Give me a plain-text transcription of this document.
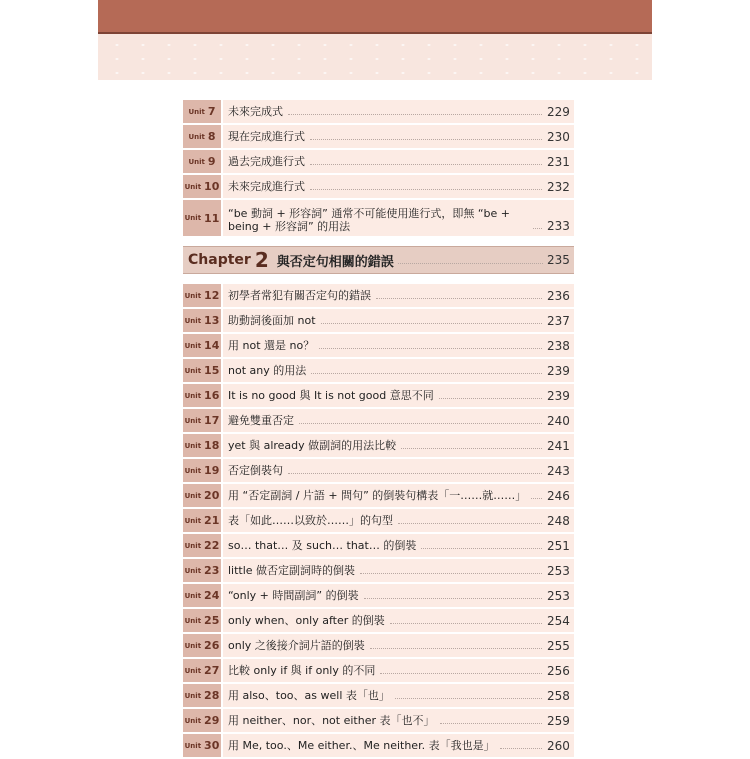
Unit 7 未來完成式	229
Unit 8 現在完成進行式	230
Unit 9 過去完成進行式	231
Unit 10 未來完成進行式	232
Unit 11 “be 動詞 + 形容詞” 通常不可能使用進行式，即無 “be + being + 形容詞” 的用法	233
Chapter 2 與否定句相關的錯誤	235
Unit 12 初學者常犯有關否定句的錯誤	236
Unit 13 助動詞後面加 not	237
Unit 14 用 not 還是 no？	238
Unit 15 not any 的用法	239
Unit 16 It is no good 與 It is not good 意思不同	239
Unit 17 避免雙重否定	240
Unit 18 yet 與 already 做副詞的用法比較	241
Unit 19 否定倒裝句	243
Unit 20 用 “否定副詞 / 片語 + 問句” 的倒裝句構表「一……就……」 246
Unit 21 表「如此……以致於……」的句型	248
Unit 22 so… that… 及 such… that… 的倒裝	251
Unit 23 little 做否定副詞時的倒裝	253
Unit 24 “only + 時間副詞” 的倒裝	253
Unit 25 only when、only after 的倒裝	254
Unit 26 only 之後接介詞片語的倒裝	255
Unit 27 比較 only if 與 if only 的不同	256
Unit 28 用 also、too、as well 表「也」	258
Unit 29 用 neither、nor、not either 表「也不」	259
Unit 30 用 Me, too.、Me either.、Me neither. 表「我也是」	260
